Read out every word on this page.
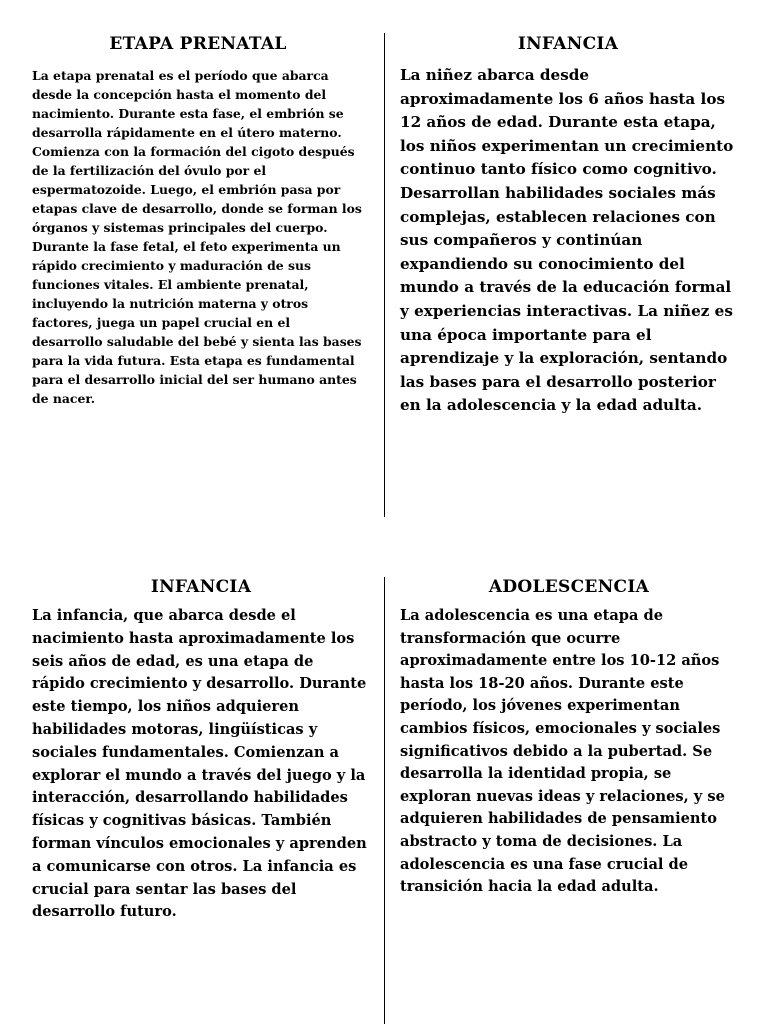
ETAPA PRENATAL

La etapa prenatal es el período que abarca desde la concepción hasta el momento del nacimiento. Durante esta fase, el embrión se desarrolla rápidamente en el útero materno. Comienza con la formación del cigoto después de la fertilización del óvulo por el espermatozoide. Luego, el embrión pasa por etapas clave de desarrollo, donde se forman los órganos y sistemas principales del cuerpo. Durante la fase fetal, el feto experimenta un rápido crecimiento y maduración de sus funciones vitales. El ambiente prenatal, incluyendo la nutrición materna y otros factores, juega un papel crucial en el desarrollo saludable del bebé y sienta las bases para la vida futura. Esta etapa es fundamental para el desarrollo inicial del ser humano antes de nacer.

INFANCIA

La niñez abarca desde aproximadamente los 6 años hasta los 12 años de edad. Durante esta etapa, los niños experimentan un crecimiento continuo tanto físico como cognitivo. Desarrollan habilidades sociales más complejas, establecen relaciones con sus compañeros y continúan expandiendo su conocimiento del mundo a través de la educación formal y experiencias interactivas. La niñez es una época importante para el aprendizaje y la exploración, sentando las bases para el desarrollo posterior en la adolescencia y la edad adulta.

INFANCIA

La infancia, que abarca desde el nacimiento hasta aproximadamente los seis años de edad, es una etapa de rápido crecimiento y desarrollo. Durante este tiempo, los niños adquieren habilidades motoras, lingüísticas y sociales fundamentales. Comienzan a explorar el mundo a través del juego y la interacción, desarrollando habilidades físicas y cognitivas básicas. También forman vínculos emocionales y aprenden a comunicarse con otros. La infancia es crucial para sentar las bases del desarrollo futuro.

ADOLESCENCIA

La adolescencia es una etapa de transformación que ocurre aproximadamente entre los 10-12 años hasta los 18-20 años. Durante este período, los jóvenes experimentan cambios físicos, emocionales y sociales significativos debido a la pubertad. Se desarrolla la identidad propia, se exploran nuevas ideas y relaciones, y se adquieren habilidades de pensamiento abstracto y toma de decisiones. La adolescencia es una fase crucial de transición hacia la edad adulta.
